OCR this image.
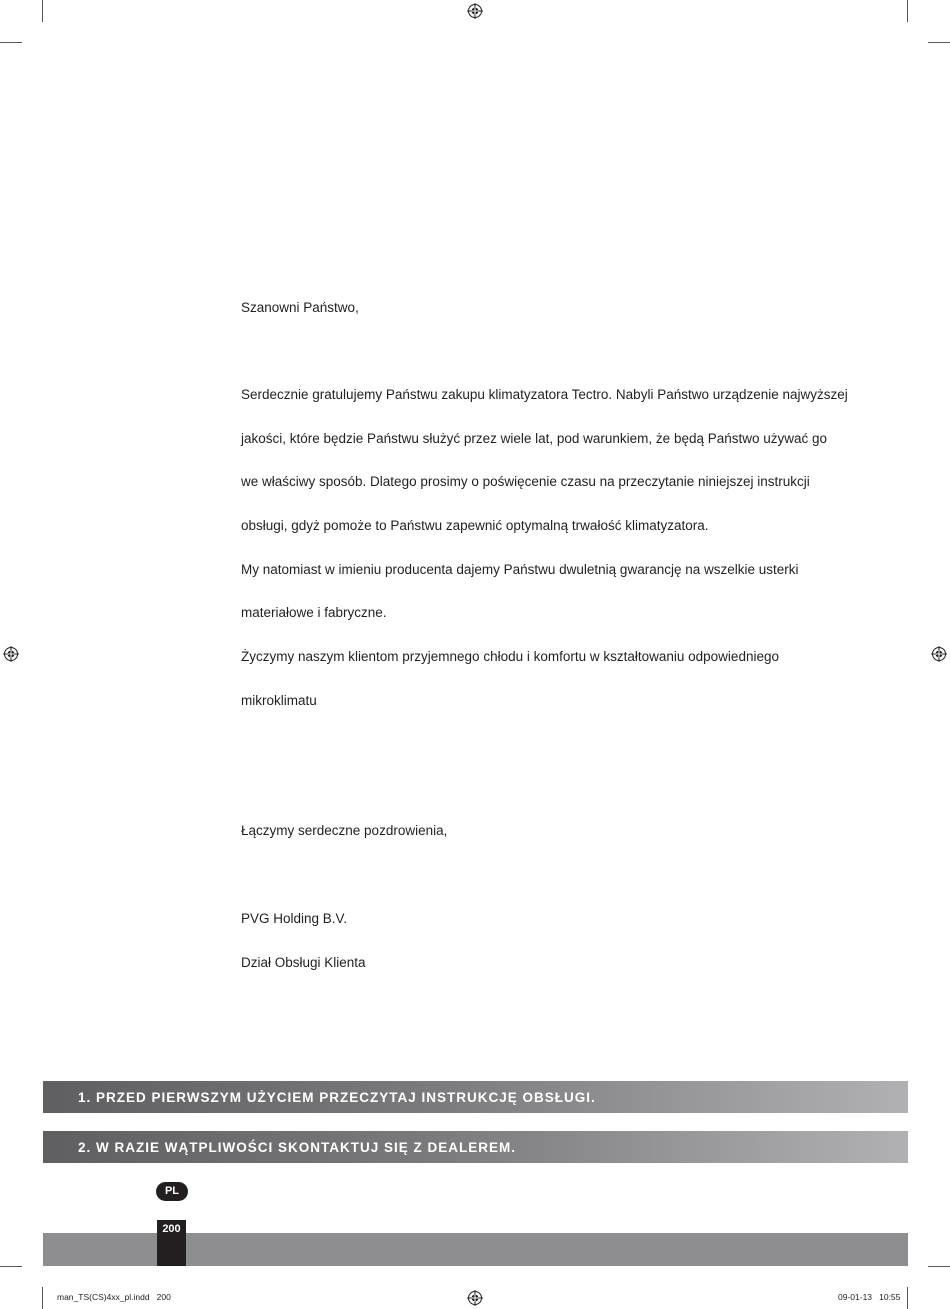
Szanowni Państwo,

Serdecznie gratulujemy Państwu zakupu klimatyzatora Tectro. Nabyli Państwo urządzenie najwyższej

jakości, które będzie Państwu służyć przez wiele lat, pod warunkiem, że będą Państwo używać go

we właściwy sposób. Dlatego prosimy o poświęcenie czasu na przeczytanie niniejszej instrukcji

obsługi, gdyż pomoże to Państwu zapewnić optymalną trwałość klimatyzatora.

My natomiast w imieniu producenta dajemy Państwu dwuletnią gwarancję na wszelkie usterki

materiałowe i fabryczne.

Życzymy naszym klientom przyjemnego chłodu i komfortu w kształtowaniu odpowiedniego

mikroklimatu

Łączymy serdeczne pozdrowienia,

PVG Holding B.V.

Dział Obsługi Klienta

1. PRZED PIERWSZYM UŻYCIEM PRZECZYTAJ INSTRUKCJĘ OBSŁUGI.
2. W RAZIE WĄTPLIWOŚCI SKONTAKTUJ SIĘ Z DEALEREM.
PL
200
man_TS(CS)4xx_pl.indd   200	09-01-13   10:55
